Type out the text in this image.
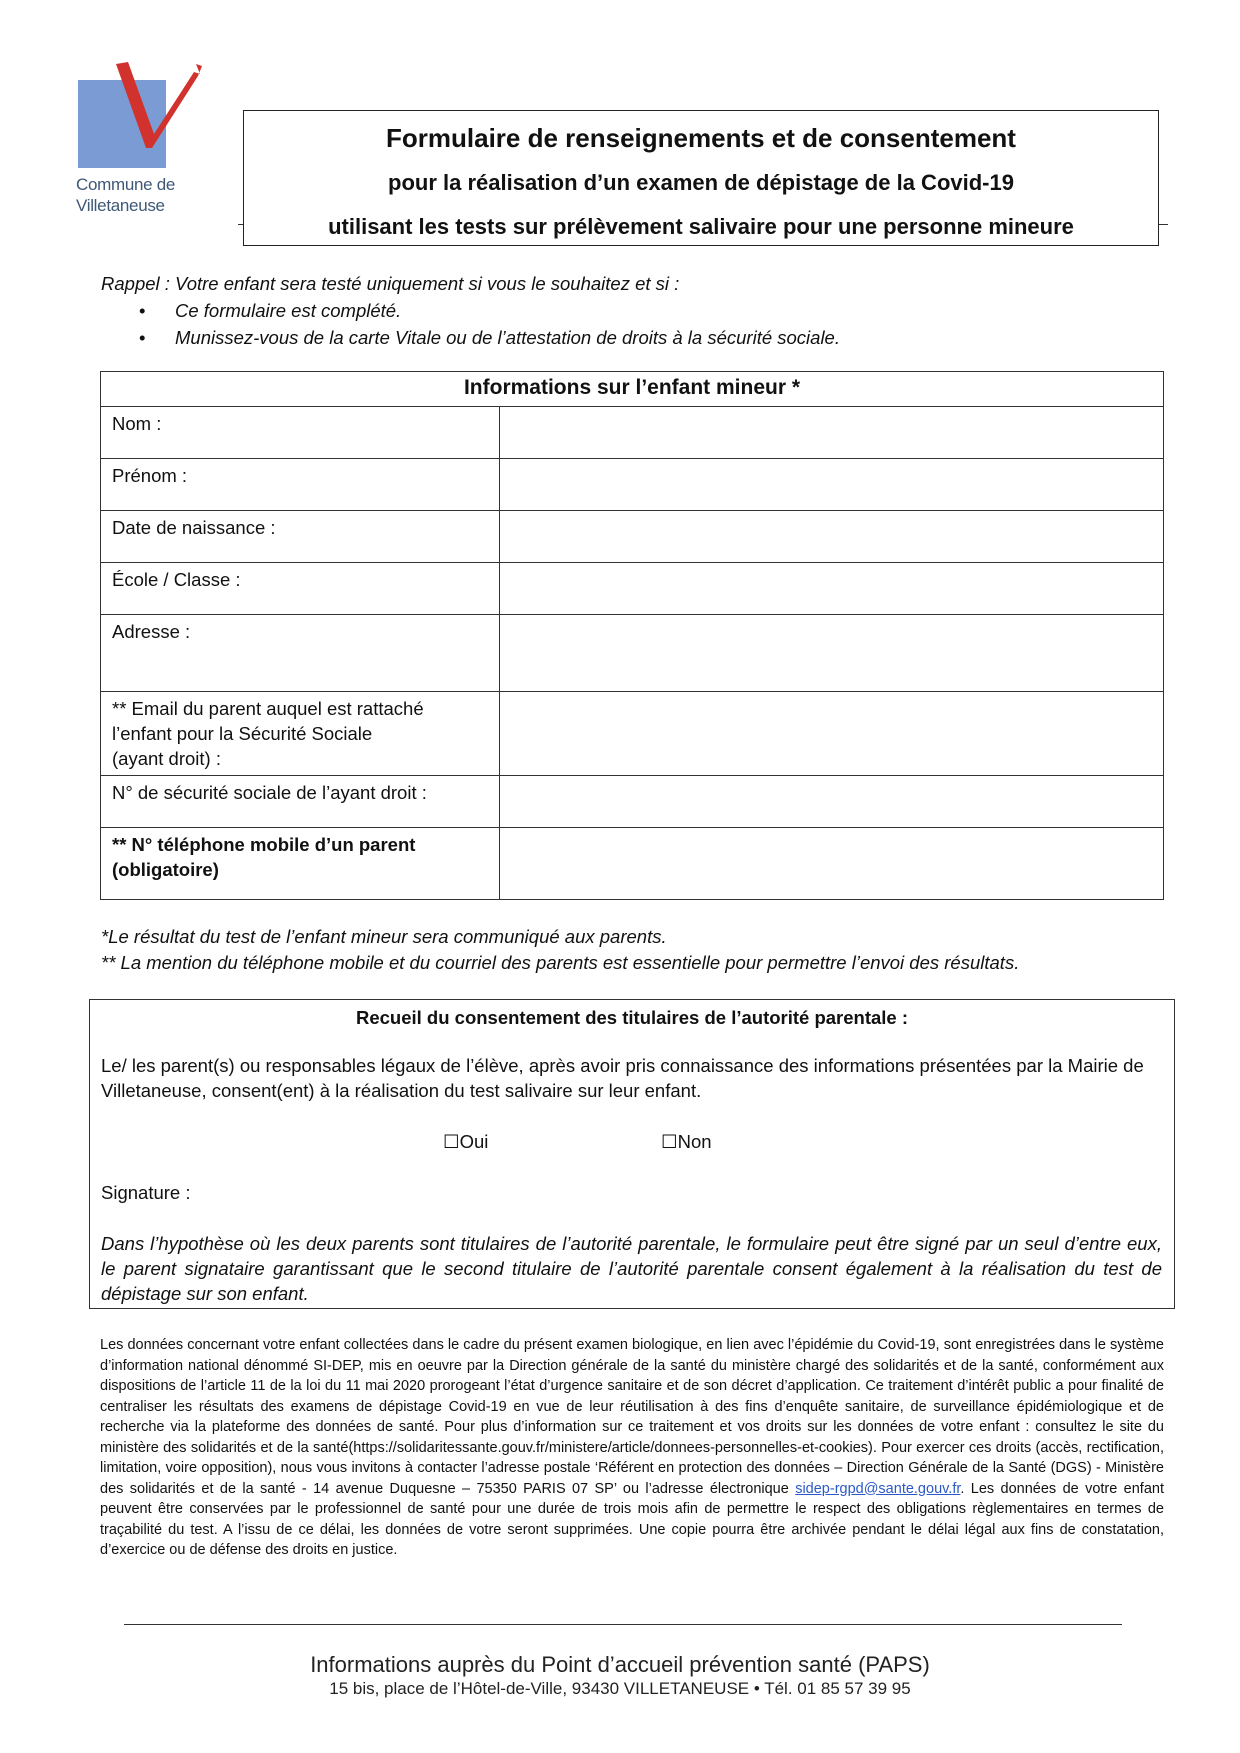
Commune de
Villetaneuse
Formulaire de renseignements et de consentement
pour la réalisation d’un examen de dépistage de la Covid-19
utilisant les tests sur prélèvement salivaire pour une personne mineure
Rappel : Votre enfant sera testé uniquement si vous le souhaitez et si :
• Ce formulaire est complété.
• Munissez-vous de la carte Vitale ou de l’attestation de droits à la sécurité sociale.
Informations sur l’enfant mineur *	
Nom :	
Prénom :	
Date de naissance :	
École / Classe :	
Adresse :	

** Email du parent auquel est rattaché
l’enfant pour la Sécurité Sociale
(ayant droit) :	

N° de sécurité sociale de l’ayant droit :	

** N° téléphone mobile d’un parent
(obligatoire)	

*Le résultat du test de l’enfant mineur sera communiqué aux parents.
** La mention du téléphone mobile et du courriel des parents est essentielle pour permettre l’envoi des résultats.
Recueil du consentement des titulaires de l’autorité parentale :
Le/ les parent(s) ou responsables légaux de l’élève, après avoir pris connaissance des informations présentées par la Mairie de Villetaneuse, consent(ent) à la réalisation du test salivaire sur leur enfant.
☐Oui	☐Non
Signature :
Dans l’hypothèse où les deux parents sont titulaires de l’autorité parentale, le formulaire peut être signé par un seul d’entre eux, le parent signataire garantissant que le second titulaire de l’autorité parentale consent également à la réalisation du test de dépistage sur son enfant.
Les données concernant votre enfant collectées dans le cadre du présent examen biologique, en lien avec l’épidémie du Covid-19, sont enregistrées dans le système d’information national dénommé SI-DEP, mis en oeuvre par la Direction générale de la santé du ministère chargé des solidarités et de la santé, conformément aux dispositions de l’article 11 de la loi du 11 mai 2020 prorogeant l’état d’urgence sanitaire et de son décret d’application. Ce traitement d’intérêt public a pour finalité de centraliser les résultats des examens de dépistage Covid-19 en vue de leur réutilisation à des fins d’enquête sanitaire, de surveillance épidémiologique et de recherche via la plateforme des données de santé. Pour plus d’information sur ce traitement et vos droits sur les données de votre enfant : consultez le site du ministère des solidarités et de la santé(https://solidaritessante.gouv.fr/ministere/article/donnees-personnelles-et-cookies). Pour exercer ces droits (accès, rectification, limitation, voire opposition), nous vous invitons à contacter l’adresse postale ‘Référent en protection des données – Direction Générale de la Santé (DGS) - Ministère des solidarités et de la santé - 14 avenue Duquesne – 75350 PARIS 07 SP’ ou l’adresse électronique sidep-rgpd@sante.gouv.fr. Les données de votre enfant peuvent être conservées par le professionnel de santé pour une durée de trois mois afin de permettre le respect des obligations règlementaires en termes de traçabilité du test. A l’issu de ce délai, les données de votre seront supprimées. Une copie pourra être archivée pendant le délai légal aux fins de constatation, d’exercice ou de défense des droits en justice.
Informations auprès du Point d’accueil prévention santé (PAPS)
15 bis, place de l’Hôtel-de-Ville, 93430 VILLETANEUSE • Tél. 01 85 57 39 95
